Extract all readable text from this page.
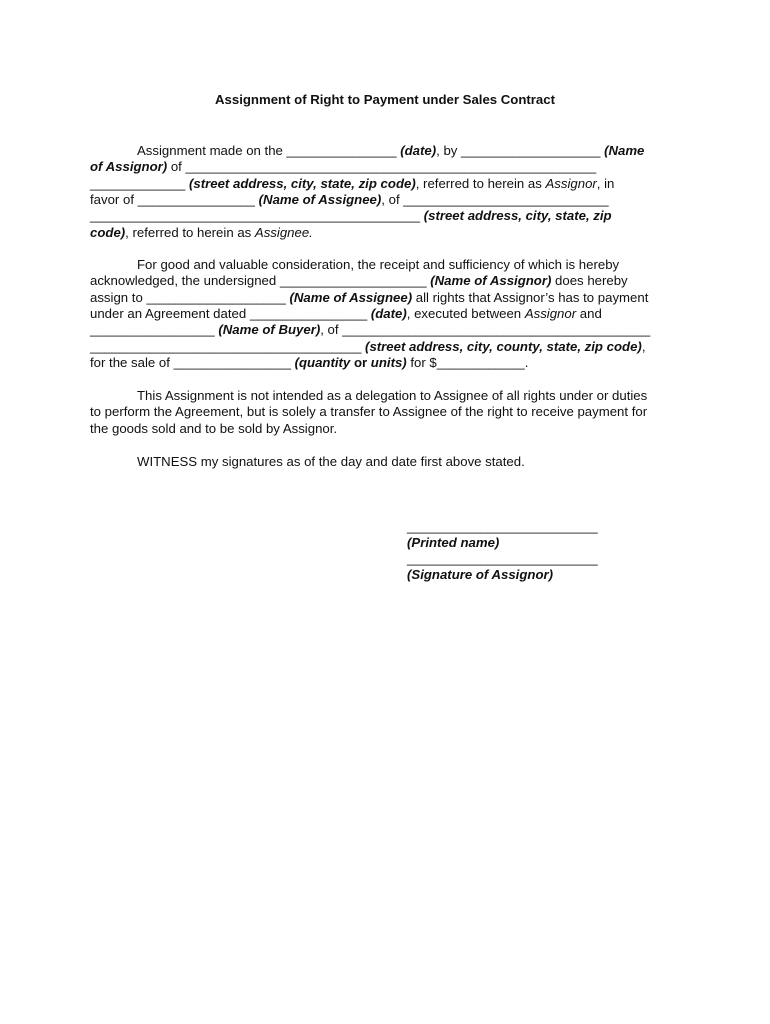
Assignment of Right to Payment under Sales Contract
Assignment made on the _______________ (date), by ___________________ (Name
of Assignor) of ________________________________________________________
_____________ (street address, city, state, zip code), referred to herein as Assignor, in
favor of ________________ (Name of Assignee), of ____________________________
_____________________________________________ (street address, city, state, zip
code), referred to herein as Assignee.
For good and valuable consideration, the receipt and sufficiency of which is hereby
acknowledged, the undersigned ____________________ (Name of Assignor) does hereby
assign to ___________________ (Name of Assignee) all rights that Assignor’s has to payment
under an Agreement dated ________________ (date), executed between Assignor and
_________________ (Name of Buyer), of __________________________________________
_____________________________________ (street address, city, county, state, zip code),
for the sale of ________________ (quantity or units) for $____________.
This Assignment is not intended as a delegation to Assignee of all rights under or duties
to perform the Agreement, but is solely a transfer to Assignee of the right to receive payment for
the goods sold and to be sold by Assignor.
WITNESS my signatures as of the day and date first above stated.
__________________________
(Printed name)
__________________________
(Signature of Assignor)
